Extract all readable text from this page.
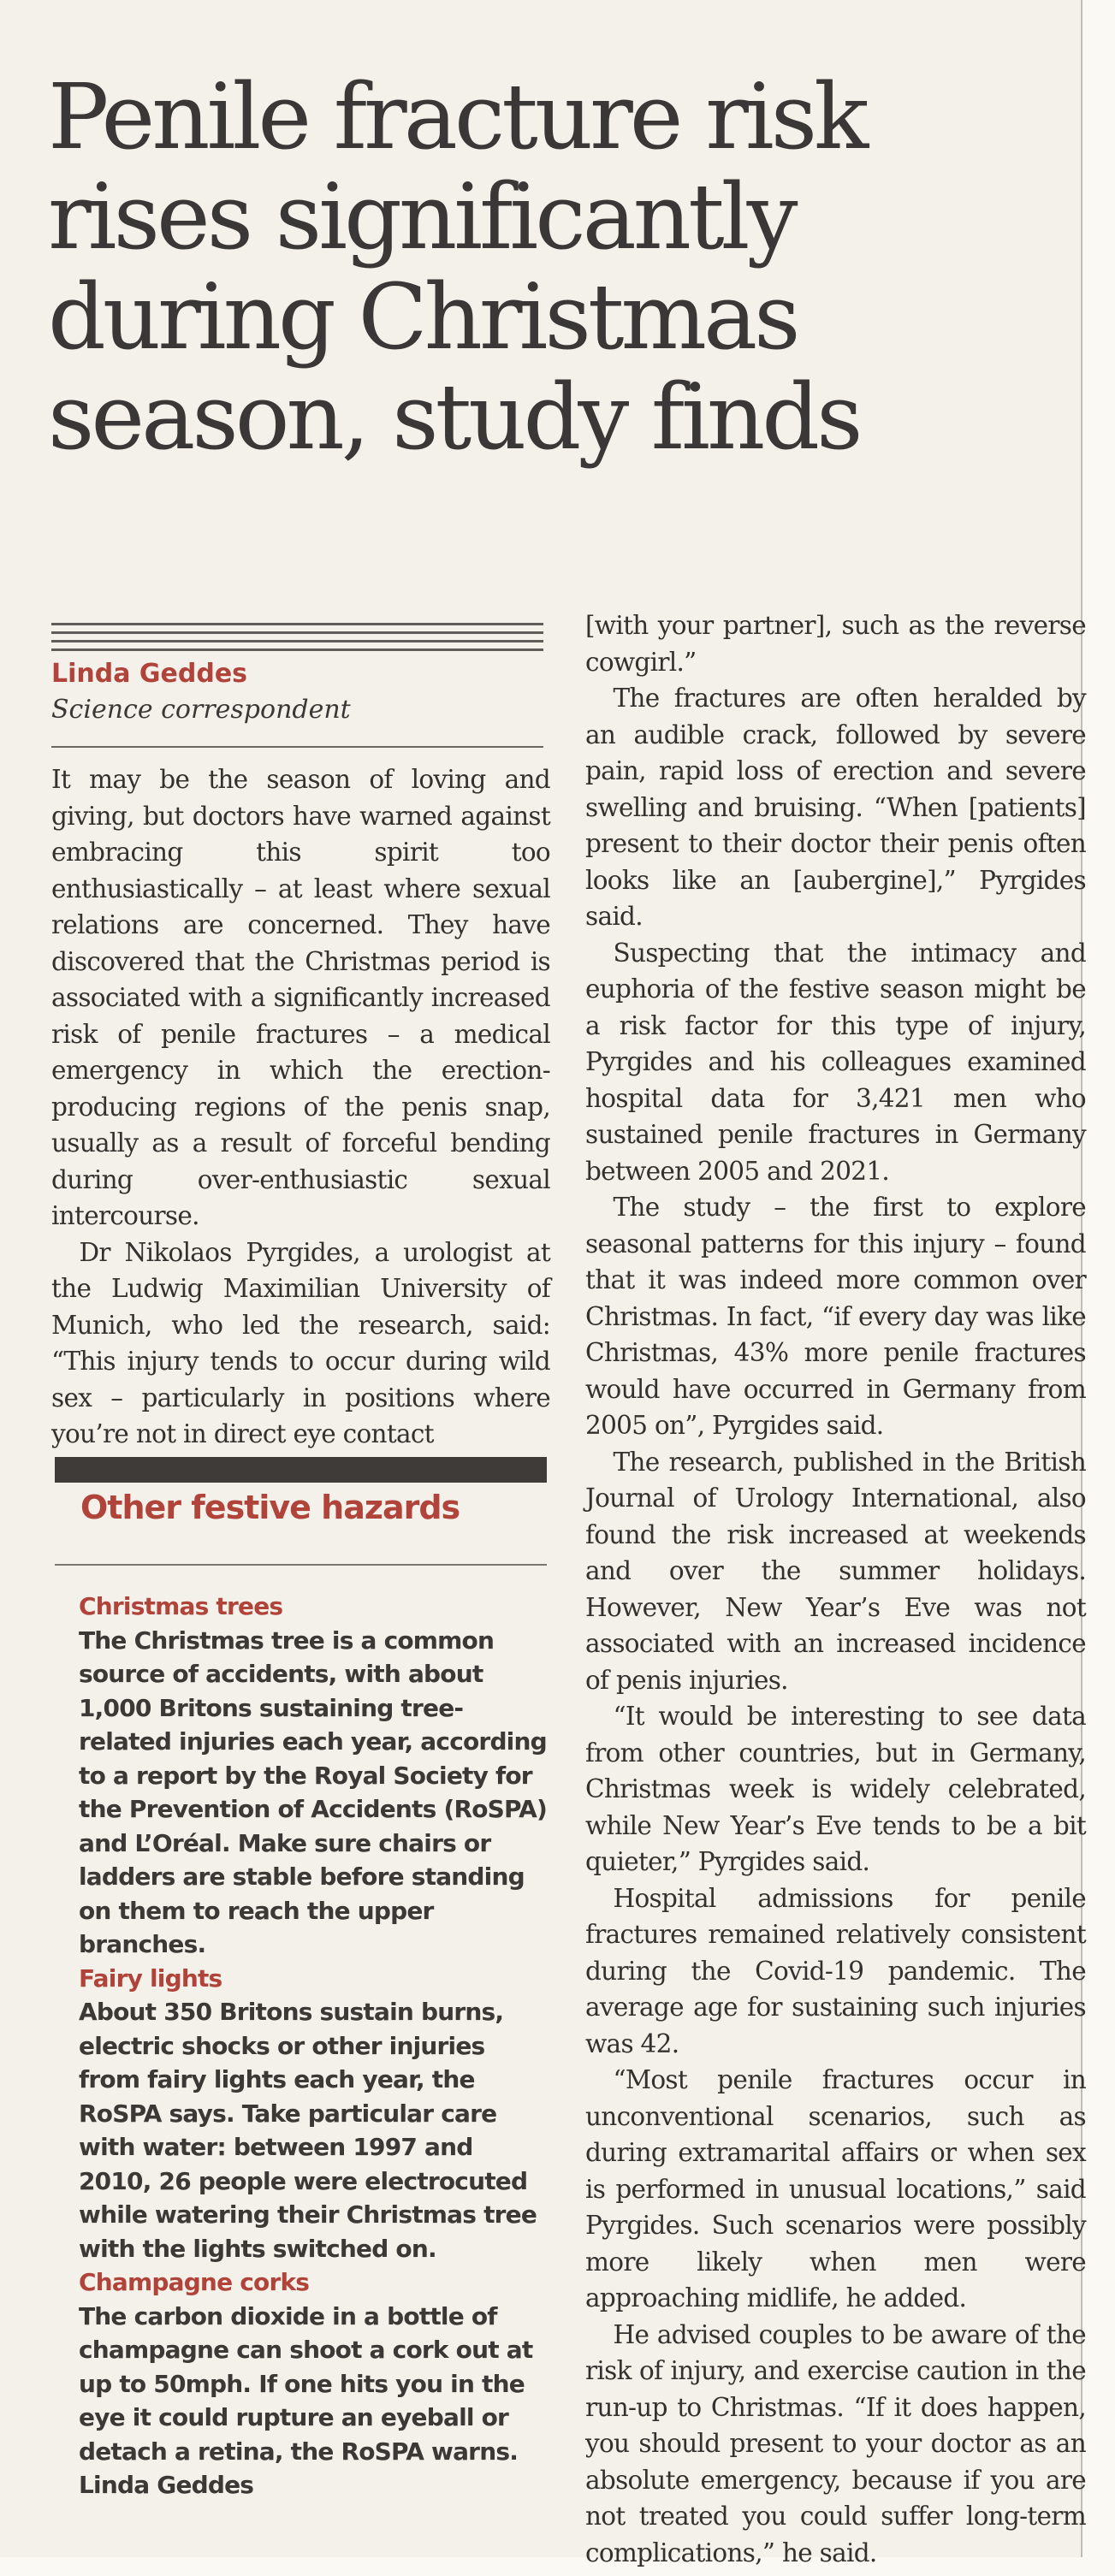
Penile fracture risk rises significantly during Christmas season, study finds
Linda Geddes
Science correspondent

It may be the season of loving and giving, but doctors have warned against embracing this spirit too enthusiastically – at least where sexual relations are concerned. They have discovered that the Christmas period is associated with a significantly increased risk of penile fractures – a medical emergency in which the erection-producing regions of the penis snap, usually as a result of forceful bending during over-enthusiastic sexual intercourse.

Dr Nikolaos Pyrgides, a urologist at the Ludwig Maximilian University of Munich, who led the research, said: “This injury tends to occur during wild sex – particularly in positions where you’re not in direct eye contact

Other festive hazards
Christmas trees

The Christmas tree is a common source of accidents, with about 1,000 Britons sustaining tree-related injuries each year, according to a report by the Royal Society for the Prevention of Accidents (RoSPA) and L’Oréal. Make sure chairs or ladders are stable before standing on them to reach the upper branches.

Fairy lights

About 350 Britons sustain burns, electric shocks or other injuries from fairy lights each year, the RoSPA says. Take particular care with water: between 1997 and 2010, 26 people were electrocuted while watering their Christmas tree with the lights switched on.

Champagne corks

The carbon dioxide in a bottle of champagne can shoot a cork out at up to 50mph. If one hits you in the eye it could rupture an eyeball or detach a retina, the RoSPA warns. Linda Geddes

[with your partner], such as the reverse cowgirl.”

The fractures are often heralded by an audible crack, followed by severe pain, rapid loss of erection and severe swelling and bruising. “When [patients] present to their doctor their penis often looks like an [aubergine],” Pyrgides said.

Suspecting that the intimacy and euphoria of the festive season might be a risk factor for this type of injury, Pyrgides and his colleagues examined hospital data for 3,421 men who sustained penile fractures in Germany between 2005 and 2021.

The study – the first to explore seasonal patterns for this injury – found that it was indeed more common over Christmas. In fact, “if every day was like Christmas, 43% more penile fractures would have occurred in Germany from 2005 on”, Pyrgides said.

The research, published in the British Journal of Urology International, also found the risk increased at weekends and over the summer holidays. However, New Year’s Eve was not associated with an increased incidence of penis injuries.

“It would be interesting to see data from other countries, but in Germany, Christmas week is widely celebrated, while New Year’s Eve tends to be a bit quieter,” Pyrgides said.

Hospital admissions for penile fractures remained relatively consistent during the Covid-19 pandemic. The average age for sustaining such injuries was 42.

“Most penile fractures occur in unconventional scenarios, such as during extramarital affairs or when sex is performed in unusual locations,” said Pyrgides. Such scenarios were possibly more likely when men were approaching midlife, he added.

He advised couples to be aware of the risk of injury, and exercise caution in the run-up to Christmas. “If it does happen, you should present to your doctor as an absolute emergency, because if you are not treated you could suffer long-term complications,” he said.
